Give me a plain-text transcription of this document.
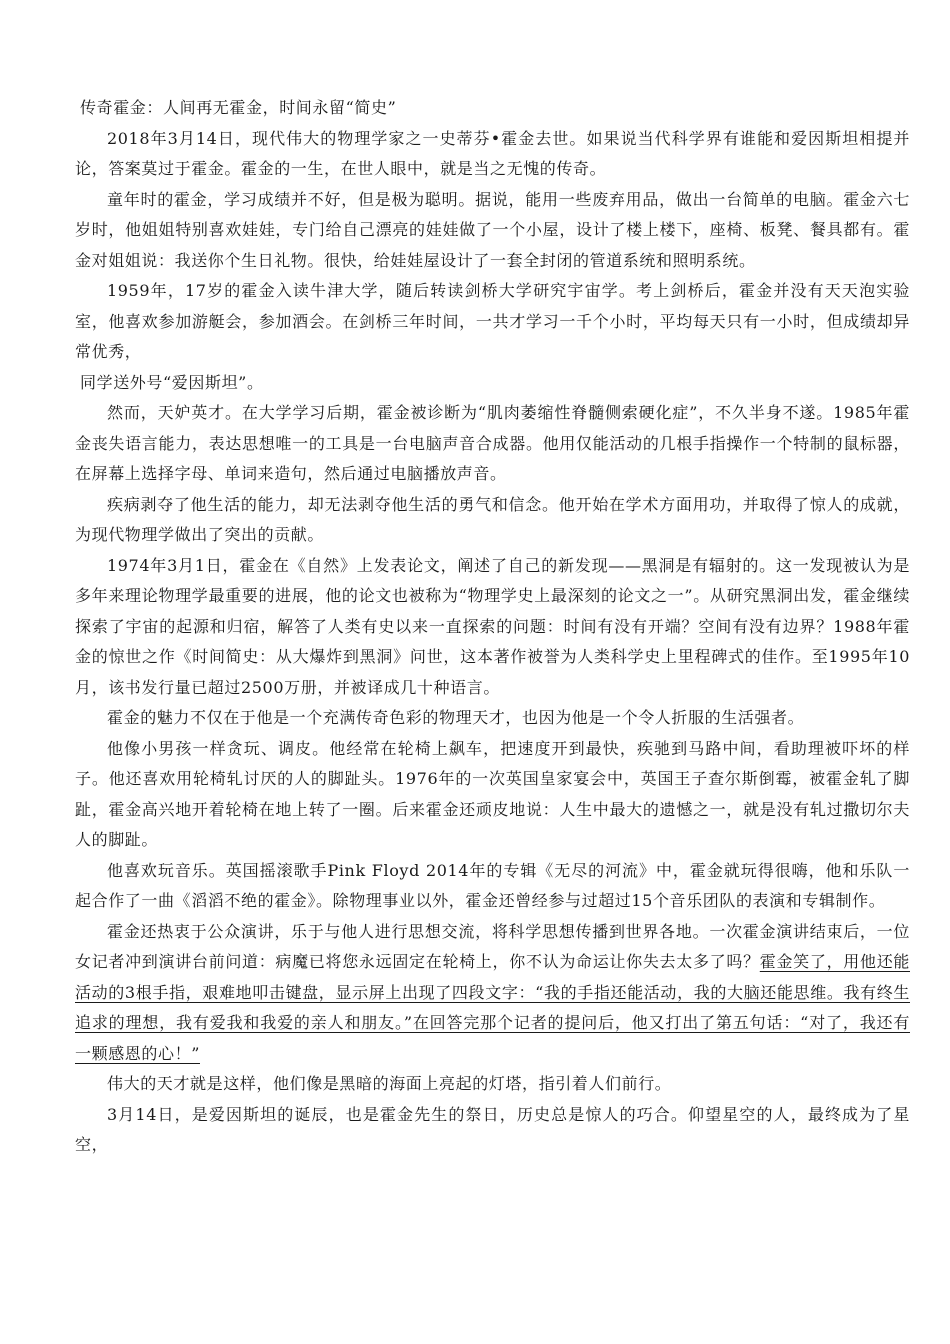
传奇霍金：人间再无霍金，时间永留“简史”

2018年3月14日，现代伟大的物理学家之一史蒂芬•霍金去世。如果说当代科学界有谁能和爱因斯坦相提并论，答案莫过于霍金。霍金的一生，在世人眼中，就是当之无愧的传奇。

童年时的霍金，学习成绩并不好，但是极为聪明。据说，能用一些废弃用品，做出一台简单的电脑。霍金六七岁时，他姐姐特别喜欢娃娃，专门给自己漂亮的娃娃做了一个小屋，设计了楼上楼下，座椅、板凳、餐具都有。霍金对姐姐说：我送你个生日礼物。很快，给娃娃屋设计了一套全封闭的管道系统和照明系统。

1959年，17岁的霍金入读牛津大学，随后转读剑桥大学研究宇宙学。考上剑桥后，霍金并没有天天泡实验室，他喜欢参加游艇会，参加酒会。在剑桥三年时间，一共才学习一千个小时，平均每天只有一小时，但成绩却异常优秀，

同学送外号“爱因斯坦”。

然而，天妒英才。在大学学习后期，霍金被诊断为“肌肉萎缩性脊髓侧索硬化症”，不久半身不遂。1985年霍金丧失语言能力，表达思想唯一的工具是一台电脑声音合成器。他用仅能活动的几根手指操作一个特制的鼠标器，在屏幕上选择字母、单词来造句，然后通过电脑播放声音。

疾病剥夺了他生活的能力，却无法剥夺他生活的勇气和信念。他开始在学术方面用功，并取得了惊人的成就，为现代物理学做出了突出的贡献。

1974年3月1日，霍金在《自然》上发表论文，阐述了自己的新发现——黑洞是有辐射的。这一发现被认为是多年来理论物理学最重要的进展，他的论文也被称为“物理学史上最深刻的论文之一”。从研究黑洞出发，霍金继续探索了宇宙的起源和归宿，解答了人类有史以来一直探索的问题：时间有没有开端？空间有没有边界？1988年霍金的惊世之作《时间简史：从大爆炸到黑洞》问世，这本著作被誉为人类科学史上里程碑式的佳作。至1995年10月，该书发行量已超过2500万册，并被译成几十种语言。

霍金的魅力不仅在于他是一个充满传奇色彩的物理天才，也因为他是一个令人折服的生活强者。

他像小男孩一样贪玩、调皮。他经常在轮椅上飙车，把速度开到最快，疾驰到马路中间，看助理被吓坏的样子。他还喜欢用轮椅轧讨厌的人的脚趾头。1976年的一次英国皇家宴会中，英国王子查尔斯倒霉，被霍金轧了脚趾，霍金高兴地开着轮椅在地上转了一圈。后来霍金还顽皮地说：人生中最大的遗憾之一，就是没有轧过撒切尔夫人的脚趾。

他喜欢玩音乐。英国摇滚歌手Pink Floyd 2014年的专辑《无尽的河流》中，霍金就玩得很嗨，他和乐队一起合作了一曲《滔滔不绝的霍金》。除物理事业以外，霍金还曾经参与过超过15个音乐团队的表演和专辑制作。

霍金还热衷于公众演讲，乐于与他人进行思想交流，将科学思想传播到世界各地。一次霍金演讲结束后，一位女记者冲到演讲台前问道：病魔已将您永远固定在轮椅上，你不认为命运让你失去太多了吗？霍金笑了，用他还能活动的3根手指，艰难地叩击键盘，显示屏上出现了四段文字：“我的手指还能活动，我的大脑还能思维。我有终生追求的理想，我有爱我和我爱的亲人和朋友。”在回答完那个记者的提问后，他又打出了第五句话：“对了，我还有一颗感恩的心！”

伟大的天才就是这样，他们像是黑暗的海面上亮起的灯塔，指引着人们前行。

3月14日，是爱因斯坦的诞辰，也是霍金先生的祭日，历史总是惊人的巧合。仰望星空的人，最终成为了星空，
